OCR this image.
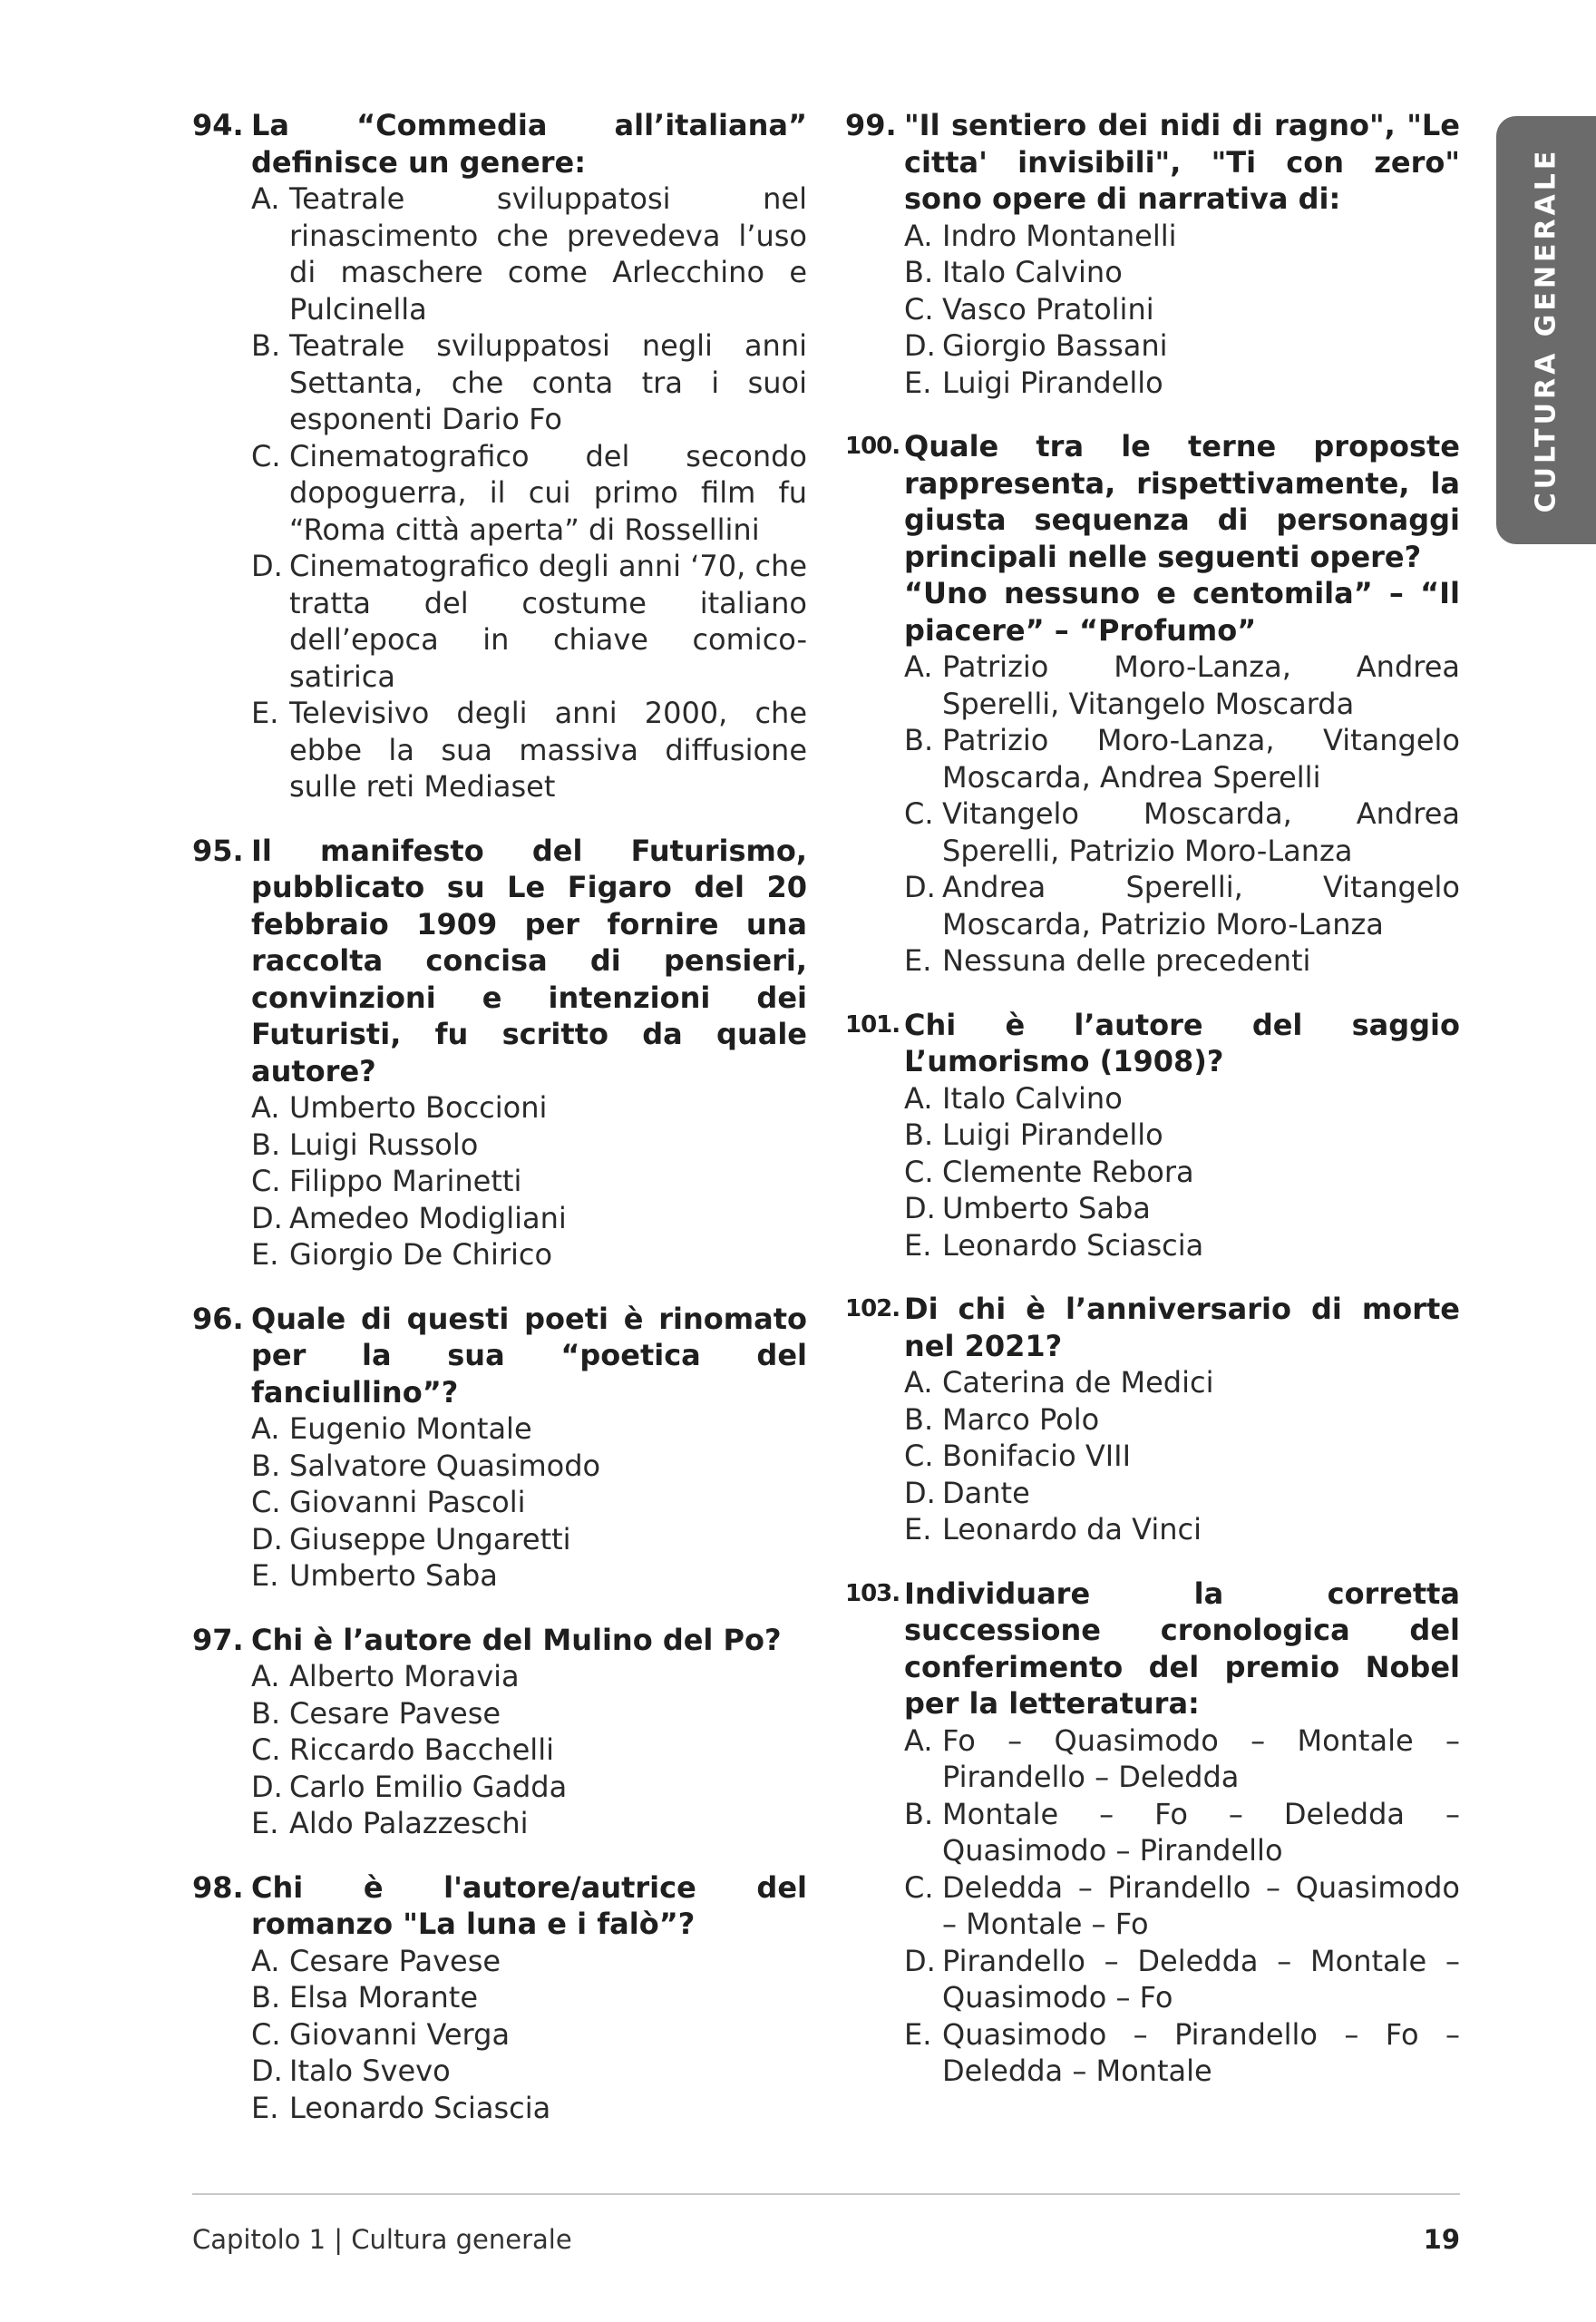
94. La “Commedia all’italiana” definisce un genere:
A. Teatrale sviluppatosi nel rinascimento che prevedeva l’uso di maschere come Arlecchino e Pulcinella
B. Teatrale sviluppatosi negli anni Settanta, che conta tra i suoi esponenti Dario Fo
C. Cinematografico del secondo dopoguerra, il cui primo film fu “Roma città aperta” di Rossellini
D. Cinematografico degli anni ‘70, che tratta del costume italiano dell’epoca in chiave comico-satirica
E. Televisivo degli anni 2000, che ebbe la sua massiva diffusione sulle reti Mediaset
95. Il manifesto del Futurismo, pubblicato su Le Figaro del 20 febbraio 1909 per fornire una raccolta concisa di pensieri, convinzioni e intenzioni dei Futuristi, fu scritto da quale autore?
A. Umberto Boccioni
B. Luigi Russolo
C. Filippo Marinetti
D. Amedeo Modigliani
E. Giorgio De Chirico
96. Quale di questi poeti è rinomato per la sua “poetica del fanciullino”?
A. Eugenio Montale
B. Salvatore Quasimodo
C. Giovanni Pascoli
D. Giuseppe Ungaretti
E. Umberto Saba
97. Chi è l’autore del Mulino del Po?
A. Alberto Moravia
B. Cesare Pavese
C. Riccardo Bacchelli
D. Carlo Emilio Gadda
E. Aldo Palazzeschi
98. Chi è l'autore/autrice del romanzo "La luna e i falò”?
A. Cesare Pavese
B. Elsa Morante
C. Giovanni Verga
D. Italo Svevo
E. Leonardo Sciascia
99. "Il sentiero dei nidi di ragno", "Le citta' invisibili", "Ti con zero" sono opere di narrativa di:
A. Indro Montanelli
B. Italo Calvino
C. Vasco Pratolini
D. Giorgio Bassani
E. Luigi Pirandello
100. Quale tra le terne proposte rappresenta, rispettivamente, la giusta sequenza di personaggi principali nelle seguenti opere?
“Uno nessuno e centomila” – “Il piacere” – “Profumo”
A. Patrizio Moro-Lanza, Andrea Sperelli, Vitangelo Moscarda
B. Patrizio Moro-Lanza, Vitangelo Moscarda, Andrea Sperelli
C. Vitangelo Moscarda, Andrea Sperelli, Patrizio Moro-Lanza
D. Andrea Sperelli, Vitangelo Moscarda, Patrizio Moro-Lanza
E. Nessuna delle precedenti
101. Chi è l’autore del saggio L’umorismo (1908)?
A. Italo Calvino
B. Luigi Pirandello
C. Clemente Rebora
D. Umberto Saba
E. Leonardo Sciascia
102. Di chi è l’anniversario di morte nel 2021?
A. Caterina de Medici
B. Marco Polo
C. Bonifacio VIII
D. Dante
E. Leonardo da Vinci
103. Individuare la corretta successione cronologica del conferimento del premio Nobel per la letteratura:
A. Fo – Quasimodo – Montale – Pirandello – Deledda
B. Montale – Fo – Deledda – Quasimodo – Pirandello
C. Deledda – Pirandello – Quasimodo – Montale – Fo
D. Pirandello – Deledda – Montale – Quasimodo – Fo
E. Quasimodo – Pirandello – Fo – Deledda – Montale
CULTURA GENERALE
Capitolo 1 | Cultura generale	19
